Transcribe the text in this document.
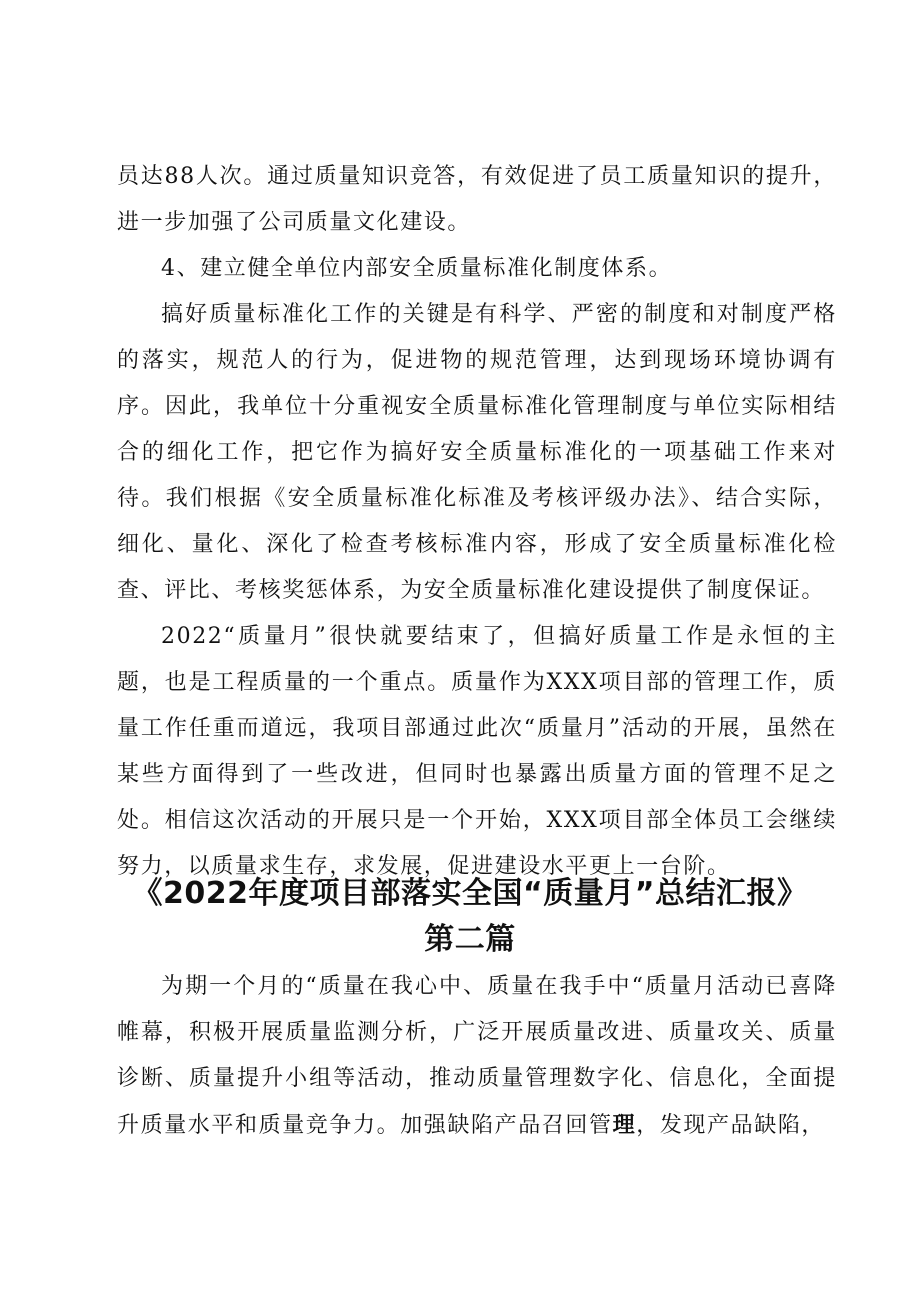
员达88人次。通过质量知识竞答，有效促进了员工质量知识的提升，进一步加强了公司质量文化建设。

4、建立健全单位内部安全质量标准化制度体系。

搞好质量标准化工作的关键是有科学、严密的制度和对制度严格的落实，规范人的行为，促进物的规范管理，达到现场环境协调有序。因此，我单位十分重视安全质量标准化管理制度与单位实际相结合的细化工作，把它作为搞好安全质量标准化的一项基础工作来对待。我们根据《安全质量标准化标准及考核评级办法》、结合实际，细化、量化、深化了检查考核标准内容，形成了安全质量标准化检查、评比、考核奖惩体系，为安全质量标准化建设提供了制度保证。

2022“质量月”很快就要结束了，但搞好质量工作是永恒的主题，也是工程质量的一个重点。质量作为XXX项目部的管理工作，质量工作任重而道远，我项目部通过此次“质量月”活动的开展，虽然在某些方面得到了一些改进，但同时也暴露出质量方面的管理不足之处。相信这次活动的开展只是一个开始，XXX项目部全体员工会继续努力，以质量求生存，求发展，促进建设水平更上一台阶。

《2022年度项目部落实全国“质量月”总结汇报》
第二篇

为期一个月的“质量在我心中、质量在我手中“质量月活动已喜降帷幕，积极开展质量监测分析，广泛开展质量改进、质量攻关、质量诊断、质量提升小组等活动，推动质量管理数字化、信息化，全面提升质量水平和质量竞争力。加强缺陷产品召回管理，发现产品缺陷，
